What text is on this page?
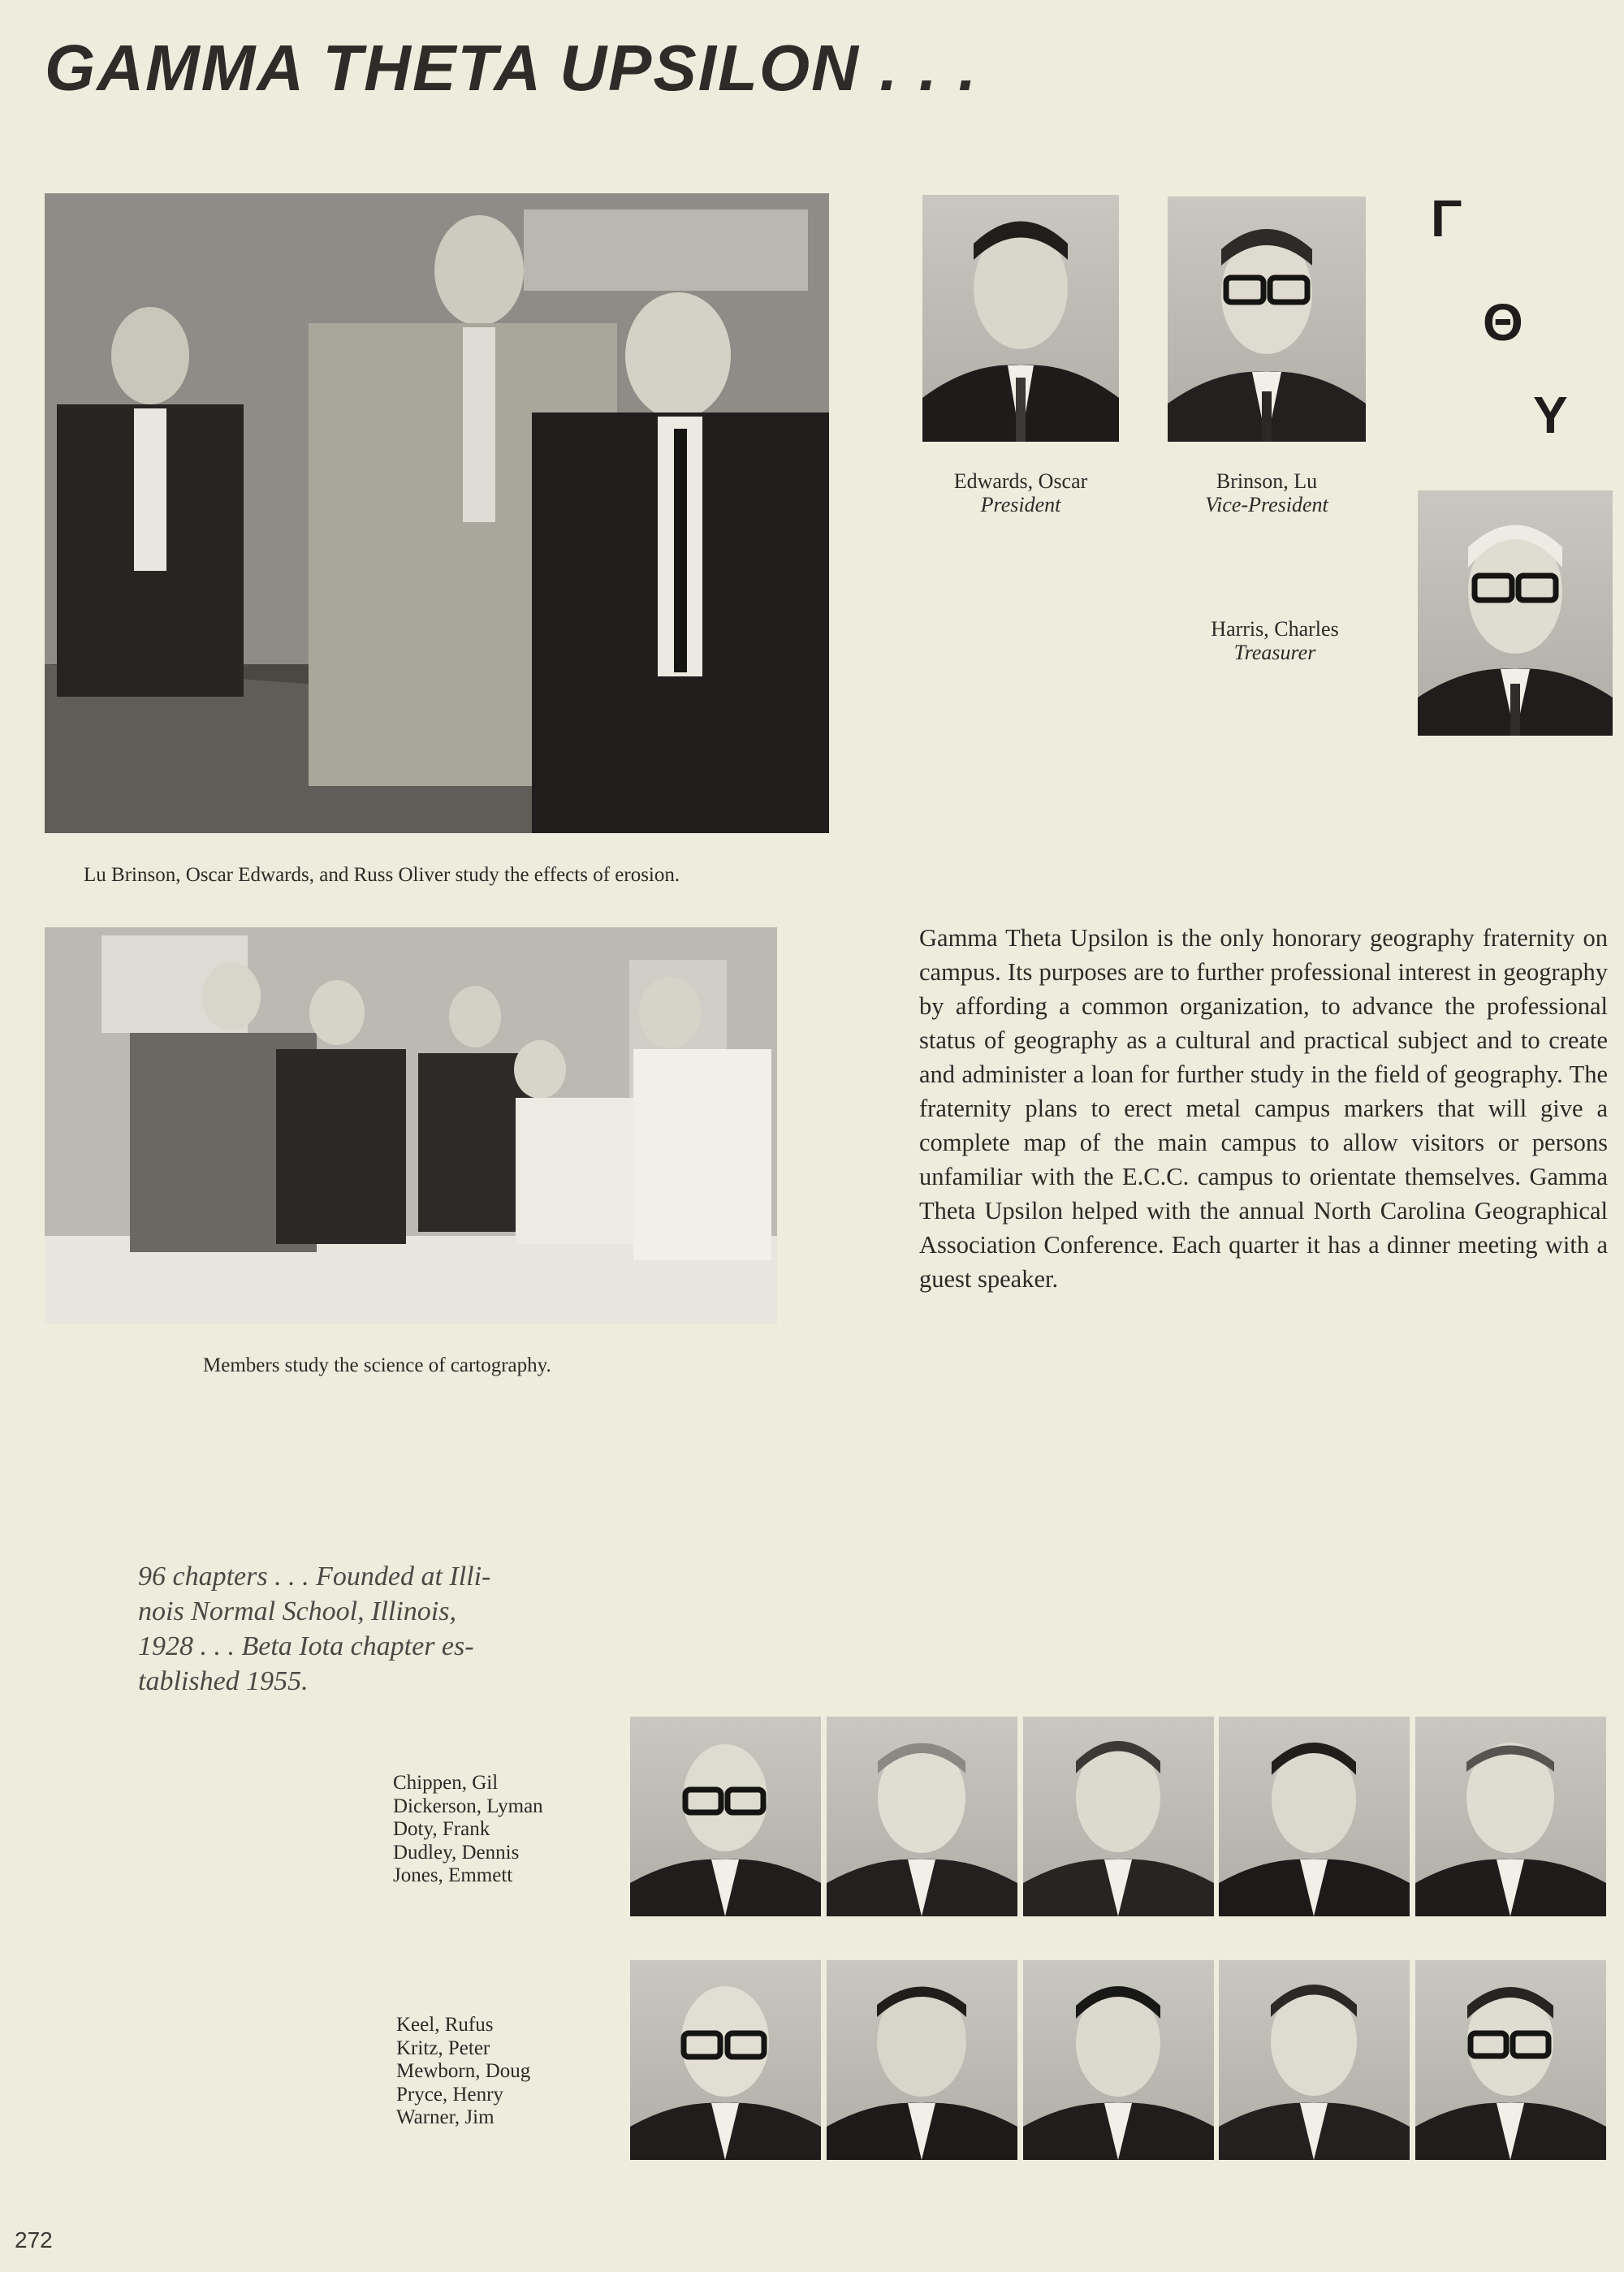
GAMMA THETA UPSILON . . .

Lu Brinson, Oscar Edwards, and Russ Oliver study the effects of erosion.

Members study the science of cartography.

Edwards, Oscar
President
Brinson, Lu
Vice-President
Γ
Θ
Υ
Harris, Charles
Treasurer

Gamma Theta Upsilon is the only honorary geography fraternity on campus. Its purposes are to further professional interest in geography by affording a common organization, to advance the professional status of geography as a cultural and practical subject and to create and administer a loan for further study in the field of geography. The fraternity plans to erect metal campus markers that will give a complete map of the main campus to allow visitors or persons unfamiliar with the E.C.C. campus to orientate themselves. Gamma Theta Upsilon helped with the annual North Carolina Geographical Association Conference. Each quarter it has a dinner meeting with a guest speaker.

96 chapters . . . Founded at Illi-
nois Normal School, Illinois,
1928 . . . Beta Iota chapter es-
tablished 1955.
Chippen, Gil
Dickerson, Lyman
Doty, Frank
Dudley, Dennis
Jones, Emmett
Keel, Rufus
Kritz, Peter
Mewborn, Doug
Pryce, Henry
Warner, Jim
272
